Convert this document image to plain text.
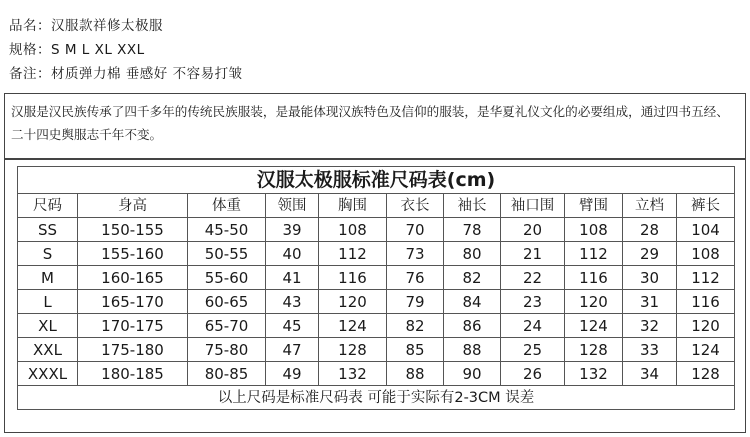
品名：汉服款祥修太极服
规格：S M L XL XXL
备注：材质弹力棉 垂感好 不容易打皱
汉服是汉民族传承了四千多年的传统民族服装，是最能体现汉族特色及信仰的服装，是华夏礼仪文化的必要组成，通过四书五经、二十四史舆服志千年不变。
汉服太极服标准尺码表(cm)										
尺码	身高	体重	领围	胸围	衣长	袖长	袖口围	臂围	立档	裤长
SS	150-155	45-50	39	108	70	78	20	108	28	104
S	155-160	50-55	40	112	73	80	21	112	29	108
M	160-165	55-60	41	116	76	82	22	116	30	112
L	165-170	60-65	43	120	79	84	23	120	31	116
XL	170-175	65-70	45	124	82	86	24	124	32	120
XXL	175-180	75-80	47	128	85	88	25	128	33	124
XXXL	180-185	80-85	49	132	88	90	26	132	34	128
以上尺码是标准尺码表 可能于实际有2-3CM 误差										
